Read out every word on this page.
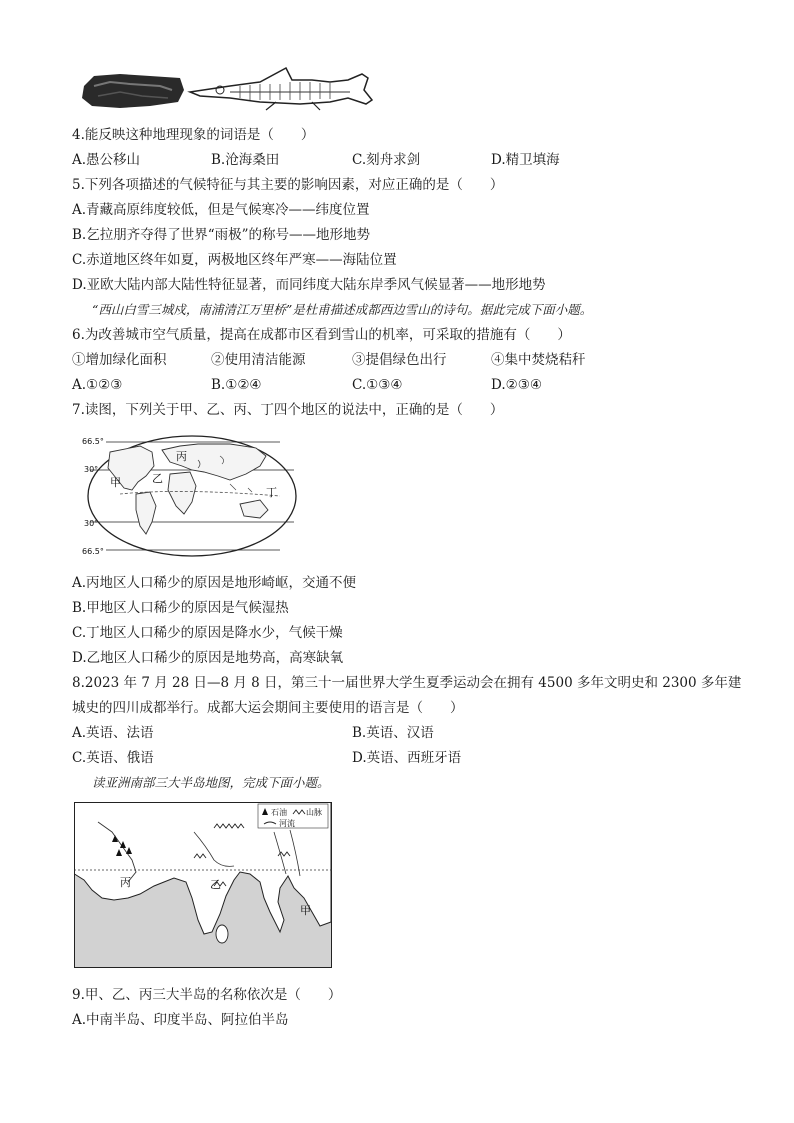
4.能反映这种地理现象的词语是（　　）
A.愚公移山	B.沧海桑田	C.刻舟求剑	D.精卫填海
5.下列各项描述的气候特征与其主要的影响因素，对应正确的是（　　）
A.青藏高原纬度较低，但是气候寒冷——纬度位置
B.乞拉朋齐夺得了世界“雨极”的称号——地形地势
C.赤道地区终年如夏，两极地区终年严寒——海陆位置
D.亚欧大陆内部大陆性特征显著，而同纬度大陆东岸季风气候显著——地形地势
“西山白雪三城戍，南浦清江万里桥”是杜甫描述成都西边雪山的诗句。据此完成下面小题。
6.为改善城市空气质量，提高在成都市区看到雪山的机率，可采取的措施有（　　）
①增加绿化面积	②使用清洁能源	③提倡绿色出行	④集中焚烧秸秆
A.①②③	B.①②④	C.①③④	D.②③④
7.读图，下列关于甲、乙、丙、丁四个地区的说法中，正确的是（　　）
66.5°
30°
30°
66.5°
甲	乙
丙
丁
A.丙地区人口稀少的原因是地形崎岖，交通不便
B.甲地区人口稀少的原因是气候湿热
C.丁地区人口稀少的原因是降水少，气候干燥
D.乙地区人口稀少的原因是地势高，高寒缺氧
8.2023 年 7 月 28 日—8 月 8 日，第三十一届世界大学生夏季运动会在拥有 4500 多年文明史和 2300 多年建
城史的四川成都举行。成都大运会期间主要使用的语言是（　　）
A.英语、法语	B.英语、汉语
C.英语、俄语	D.英语、西班牙语
读亚洲南部三大半岛地图，完成下面小题。
石油 山脉
河流
丙	乙
甲
9.甲、乙、丙三大半岛的名称依次是（　　）
A.中南半岛、印度半岛、阿拉伯半岛
